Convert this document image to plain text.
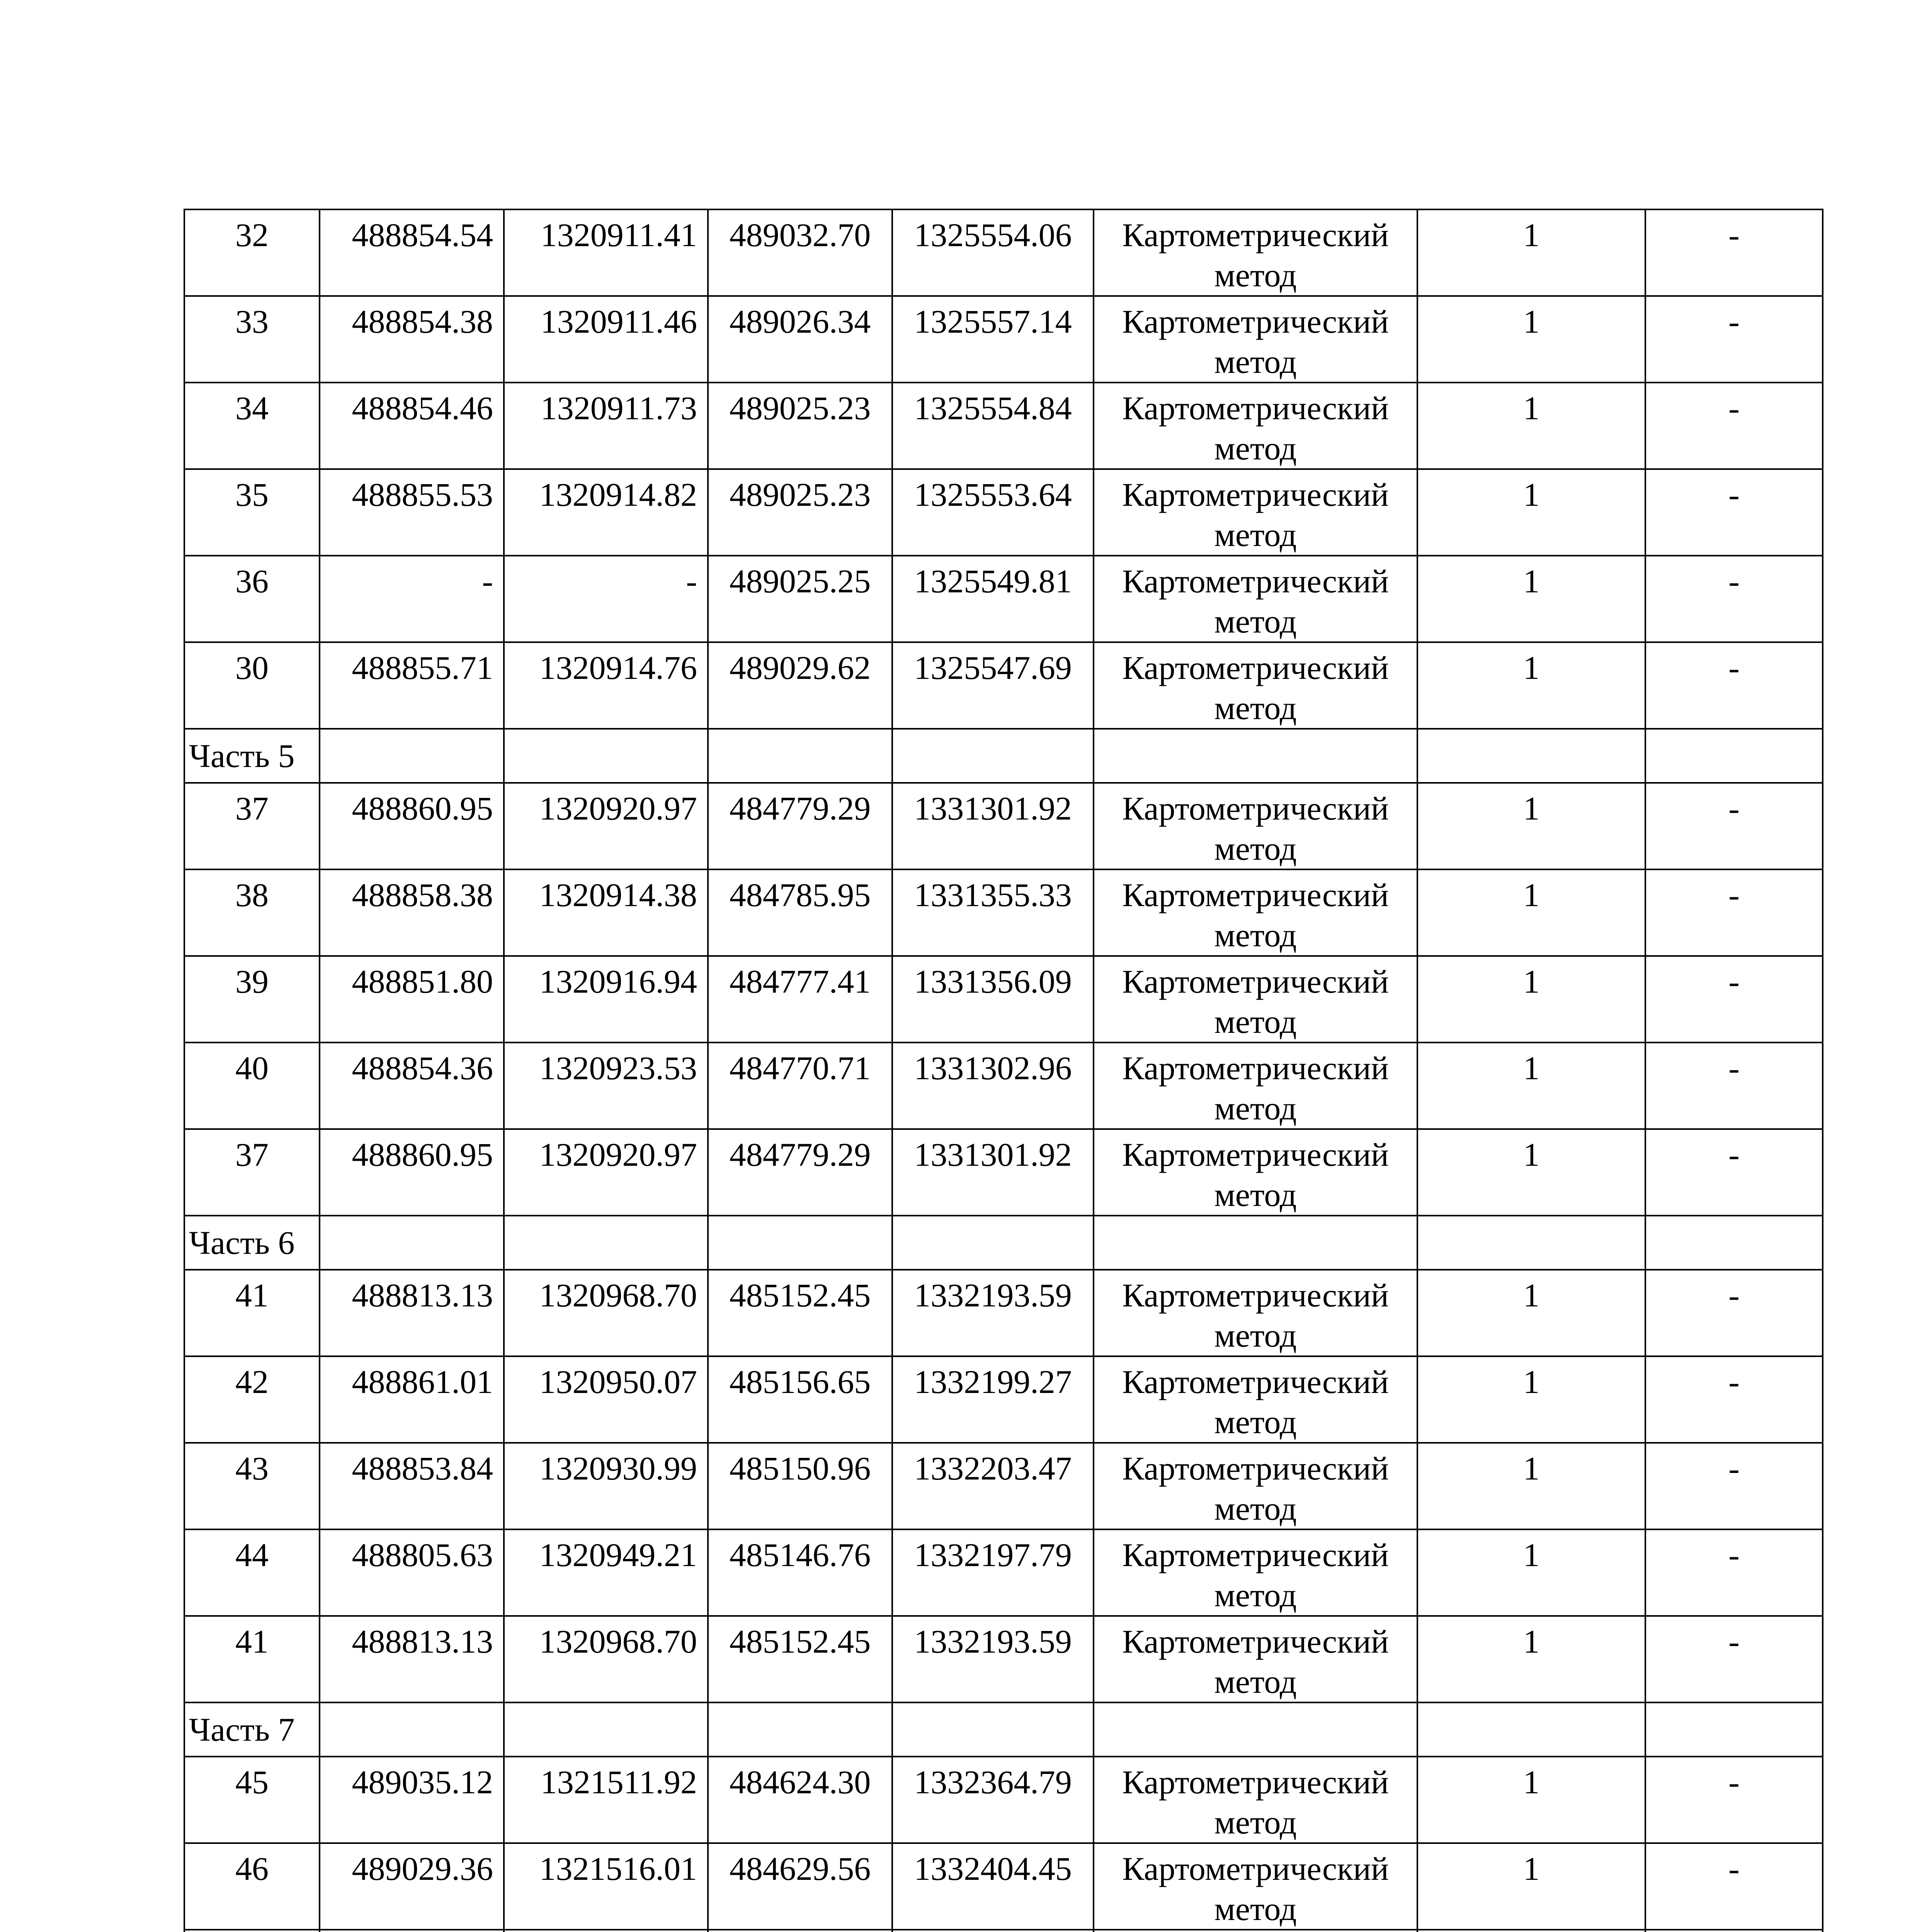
32	488854.54	1320911.41	489032.70	1325554.06	Картометрический метод	1	-

33	488854.38	1320911.46	489026.34	1325557.14	Картометрический метод	1	-

34	488854.46	1320911.73	489025.23	1325554.84	Картометрический метод	1	-

35	488855.53	1320914.82	489025.23	1325553.64	Картометрический метод	1	-

36	-	-	489025.25	1325549.81	Картометрический метод	1	-

30	488855.71	1320914.76	489029.62	1325547.69	Картометрический метод	1	-

Часть 5							

37	488860.95	1320920.97	484779.29	1331301.92	Картометрический метод	1	-

38	488858.38	1320914.38	484785.95	1331355.33	Картометрический метод	1	-

39	488851.80	1320916.94	484777.41	1331356.09	Картометрический метод	1	-

40	488854.36	1320923.53	484770.71	1331302.96	Картометрический метод	1	-

37	488860.95	1320920.97	484779.29	1331301.92	Картометрический метод	1	-

Часть 6							

41	488813.13	1320968.70	485152.45	1332193.59	Картометрический метод	1	-

42	488861.01	1320950.07	485156.65	1332199.27	Картометрический метод	1	-

43	488853.84	1320930.99	485150.96	1332203.47	Картометрический метод	1	-

44	488805.63	1320949.21	485146.76	1332197.79	Картометрический метод	1	-

41	488813.13	1320968.70	485152.45	1332193.59	Картометрический метод	1	-

Часть 7							

45	489035.12	1321511.92	484624.30	1332364.79	Картометрический метод	1	-

46	489029.36	1321516.01	484629.56	1332404.45	Картометрический метод	1	-
